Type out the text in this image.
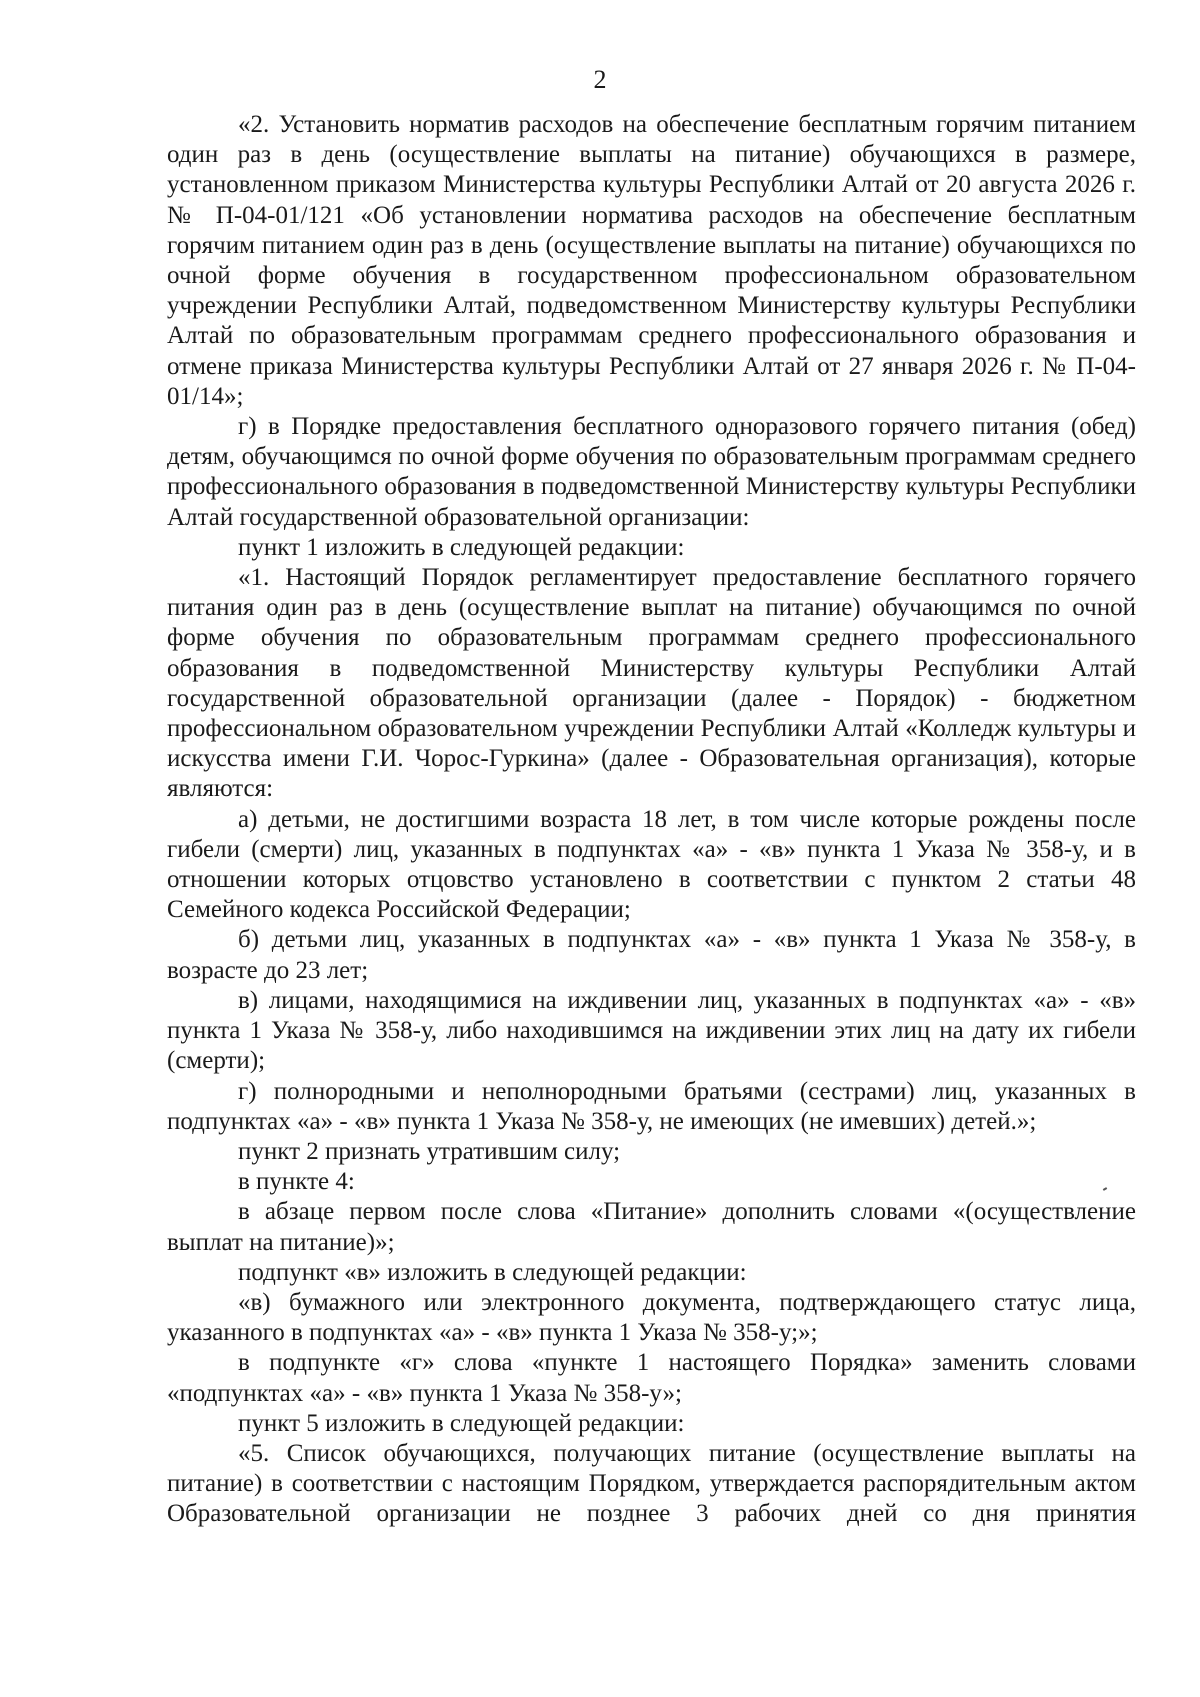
2

«2. Установить норматив расходов на обеспечение бесплатным горячим питанием один раз в день (осуществление выплаты на питание) обучающихся в размере, установленном приказом Министерства культуры Республики Алтай от 20 августа 2026 г. № П-04-01/121 «Об установлении норматива расходов на обеспечение бесплатным горячим питанием один раз в день (осуществление выплаты на питание) обучающихся по очной форме обучения в государственном профессиональном образовательном учреждении Республики Алтай, подведомственном Министерству культуры Республики Алтай по образовательным программам среднего профессионального образования и отмене приказа Министерства культуры Республики Алтай от 27 января 2026 г. № П-04-01/14»;

г) в Порядке предоставления бесплатного одноразового горячего питания (обед) детям, обучающимся по очной форме обучения по образовательным программам среднего профессионального образования в подведомственной Министерству культуры Республики Алтай государственной образовательной организации:

пункт 1 изложить в следующей редакции:

«1. Настоящий Порядок регламентирует предоставление бесплатного горячего питания один раз в день (осуществление выплат на питание) обучающимся по очной форме обучения по образовательным программам среднего профессионального образования в подведомственной Министерству культуры Республики Алтай государственной образовательной организации (далее - Порядок) - бюджетном профессиональном образовательном учреждении Республики Алтай «Колледж культуры и искусства имени Г.И. Чорос-Гуркина» (далее - Образовательная организация), которые являются:

а) детьми, не достигшими возраста 18 лет, в том числе которые рождены после гибели (смерти) лиц, указанных в подпунктах «а» - «в» пункта 1 Указа № 358-у, и в отношении которых отцовство установлено в соответствии с пунктом 2 статьи 48 Семейного кодекса Российской Федерации;

б) детьми лиц, указанных в подпунктах «а» - «в» пункта 1 Указа № 358-у, в возрасте до 23 лет;

в) лицами, находящимися на иждивении лиц, указанных в подпунктах «а» - «в» пункта 1 Указа № 358-у, либо находившимся на иждивении этих лиц на дату их гибели (смерти);

г) полнородными и неполнородными братьями (сестрами) лиц, указанных в подпунктах «а» - «в» пункта 1 Указа № 358-у, не имеющих (не имевших) детей.»;

пункт 2 признать утратившим силу;

в пункте 4:

в абзаце первом после слова «Питание» дополнить словами «(осуществление выплат на питание)»;

подпункт «в» изложить в следующей редакции:

«в) бумажного или электронного документа, подтверждающего статус лица, указанного в подпунктах «а» - «в» пункта 1 Указа № 358-у;»;

в подпункте «г» слова «пункте 1 настоящего Порядка» заменить словами «подпунктах «а» - «в» пункта 1 Указа № 358-у»;

пункт 5 изложить в следующей редакции:

«5. Список обучающихся, получающих питание (осуществление выплаты на питание) в соответствии с настоящим Порядком, утверждается распорядительным актом Образовательной организации не позднее 3 рабочих дней со дня принятия
